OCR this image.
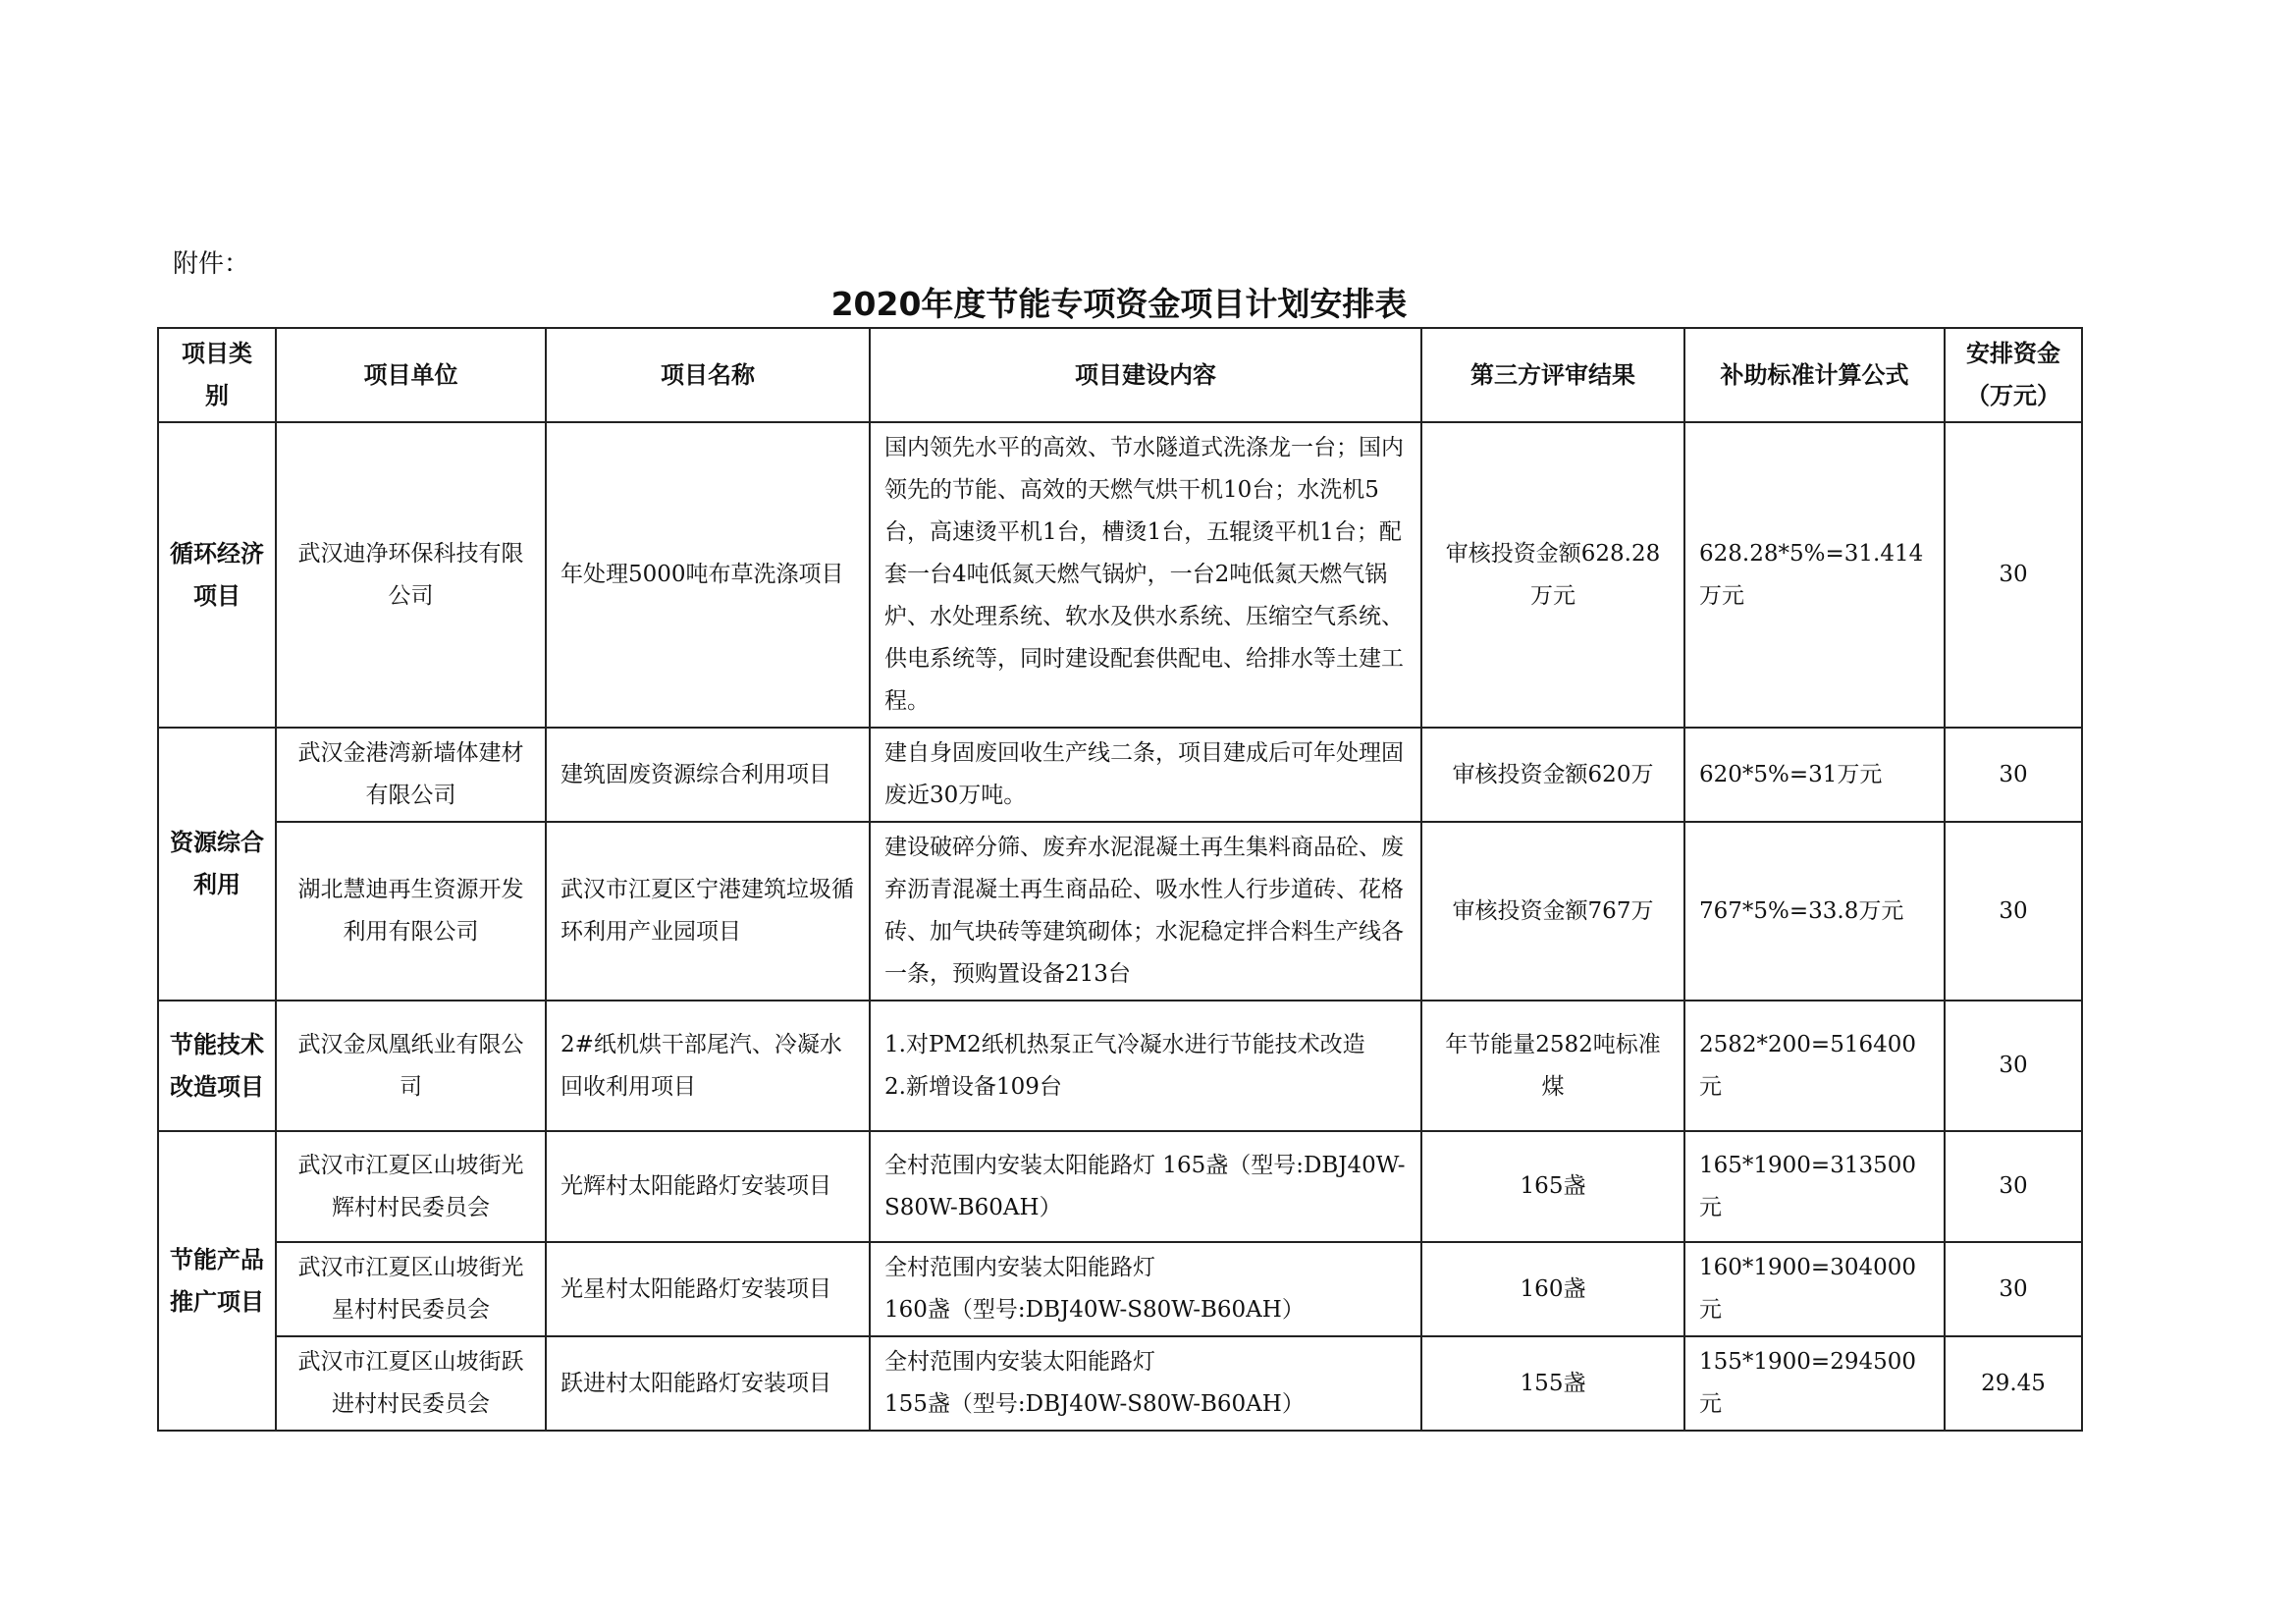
附件：

2020年度节能专项资金项目计划安排表
项目类别	项目单位	项目名称	项目建设内容	第三方评审结果	补助标准计算公式	安排资金（万元）
循环经济项目	武汉迪净环保科技有限公司	年处理5000吨布草洗涤项目	国内领先水平的高效、节水隧道式洗涤龙一台；国内领先的节能、高效的天燃气烘干机10台；水洗机5台，高速烫平机1台，槽烫1台，五辊烫平机1台；配套一台4吨低氮天燃气锅炉，一台2吨低氮天燃气锅炉、水处理系统、软水及供水系统、压缩空气系统、供电系统等，同时建设配套供配电、给排水等土建工程。	审核投资金额628.28万元	628.28*5%=31.414万元	30
资源综合利用	武汉金港湾新墙体建材有限公司	建筑固废资源综合利用项目	建自身固废回收生产线二条，项目建成后可年处理固废近30万吨。	审核投资金额620万	620*5%=31万元	30
	湖北慧迪再生资源开发利用有限公司	武汉市江夏区宁港建筑垃圾循环利用产业园项目	建设破碎分筛、废弃水泥混凝土再生集料商品砼、废弃沥青混凝土再生商品砼、吸水性人行步道砖、花格砖、加气块砖等建筑砌体；水泥稳定拌合料生产线各一条，预购置设备213台	审核投资金额767万	767*5%=33.8万元	30
节能技术改造项目	武汉金凤凰纸业有限公司	2#纸机烘干部尾汽、冷凝水回收利用项目	1.对PM2纸机热泵正气冷凝水进行节能技术改造
2.新增设备109台	年节能量2582吨标准煤	2582*200=516400元	30
节能产品推广项目	武汉市江夏区山坡街光辉村村民委员会	光辉村太阳能路灯安装项目	全村范围内安装太阳能路灯 165盏（型号:DBJ40W-S80W-B60AH）	165盏	165*1900=313500元	30
	武汉市江夏区山坡街光星村村民委员会	光星村太阳能路灯安装项目	全村范围内安装太阳能路灯
160盏（型号:DBJ40W-S80W-B60AH）	160盏	160*1900=304000元	30
	武汉市江夏区山坡街跃进村村民委员会	跃进村太阳能路灯安装项目	全村范围内安装太阳能路灯
155盏（型号:DBJ40W-S80W-B60AH）	155盏	155*1900=294500元	29.45
